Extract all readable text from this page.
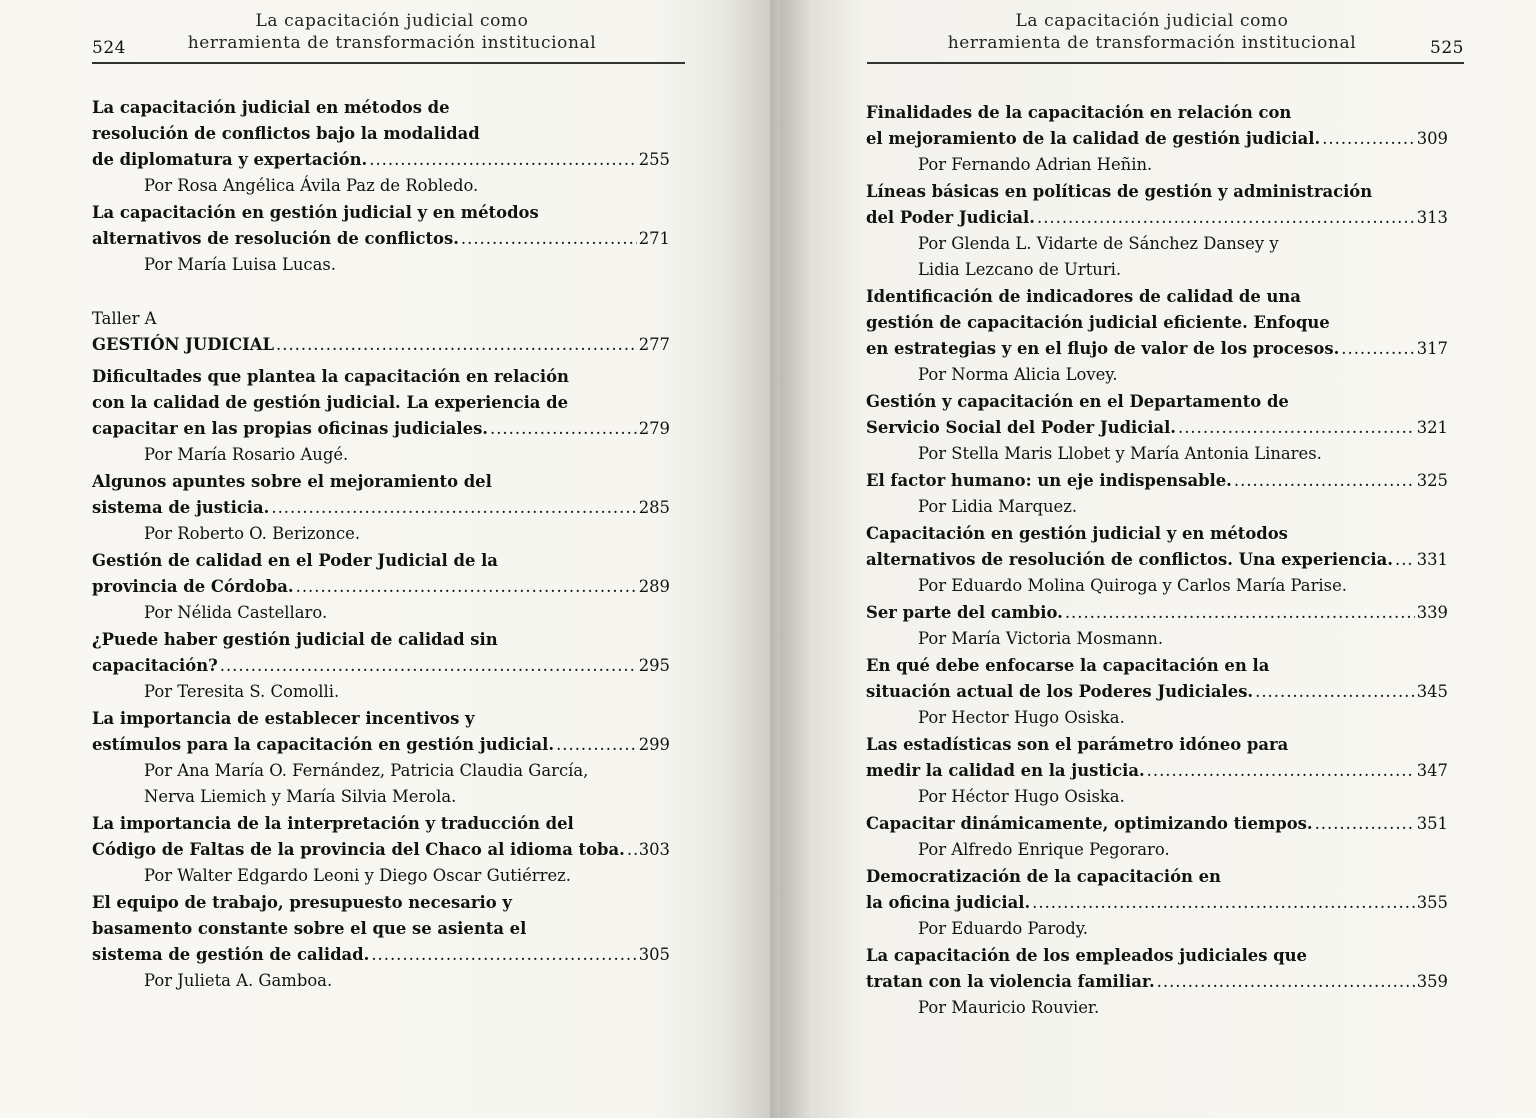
524
La capacitación judicial como
herramienta de transformación institucional
La capacitación judicial como
herramienta de transformación institucional	525
La capacitación judicial en métodos de
resolución de conflictos bajo la modalidad
de diplomatura y expertación. .....	255
Por Rosa Angélica Ávila Paz de Robledo.
La capacitación en gestión judicial y en métodos
alternativos de resolución de conflictos. .....	271
Por María Luisa Lucas.
Taller A
GESTIÓN JUDICIAL .....	277
Dificultades que plantea la capacitación en relación
con la calidad de gestión judicial. La experiencia de
capacitar en las propias oficinas judiciales. .....	279
Por María Rosario Augé.
Algunos apuntes sobre el mejoramiento del
sistema de justicia. .....	285
Por Roberto O. Berizonce.
Gestión de calidad en el Poder Judicial de la
provincia de Córdoba. .....	289
Por Nélida Castellaro.
¿Puede haber gestión judicial de calidad sin
capacitación? .....	295
Por Teresita S. Comolli.
La importancia de establecer incentivos y
estímulos para la capacitación en gestión judicial. .....	299
Por Ana María O. Fernández, Patricia Claudia García,
Nerva Liemich y María Silvia Merola.
La importancia de la interpretación y traducción del
Código de Faltas de la provincia del Chaco al idioma toba. ..... 303
Por Walter Edgardo Leoni y Diego Oscar Gutiérrez.
El equipo de trabajo, presupuesto necesario y
basamento constante sobre el que se asienta el
sistema de gestión de calidad. .....	305
Por Julieta A. Gamboa.
Finalidades de la capacitación en relación con
el mejoramiento de la calidad de gestión judicial. .....	309
Por Fernando Adrian Heñin.
Líneas básicas en políticas de gestión y administración
del Poder Judicial. .....	313
Por Glenda L. Vidarte de Sánchez Dansey y
Lidia Lezcano de Urturi.
Identificación de indicadores de calidad de una
gestión de capacitación judicial eficiente. Enfoque
en estrategias y en el flujo de valor de los procesos. .....	317
Por Norma Alicia Lovey.
Gestión y capacitación en el Departamento de
Servicio Social del Poder Judicial. .....	321
Por Stella Maris Llobet y María Antonia Linares.
El factor humano: un eje indispensable. .....	325
Por Lidia Marquez.
Capacitación en gestión judicial y en métodos
alternativos de resolución de conflictos. Una experiencia. ..... 331
Por Eduardo Molina Quiroga y Carlos María Parise.
Ser parte del cambio. .....	339
Por María Victoria Mosmann.
En qué debe enfocarse la capacitación en la
situación actual de los Poderes Judiciales. .....	345
Por Hector Hugo Osiska.
Las estadísticas son el parámetro idóneo para
medir la calidad en la justicia. .....	347
Por Héctor Hugo Osiska.
Capacitar dinámicamente, optimizando tiempos. .....	351
Por Alfredo Enrique Pegoraro.
Democratización de la capacitación en
la oficina judicial. .....	355
Por Eduardo Parody.
La capacitación de los empleados judiciales que
tratan con la violencia familiar. .....	359
Por Mauricio Rouvier.
